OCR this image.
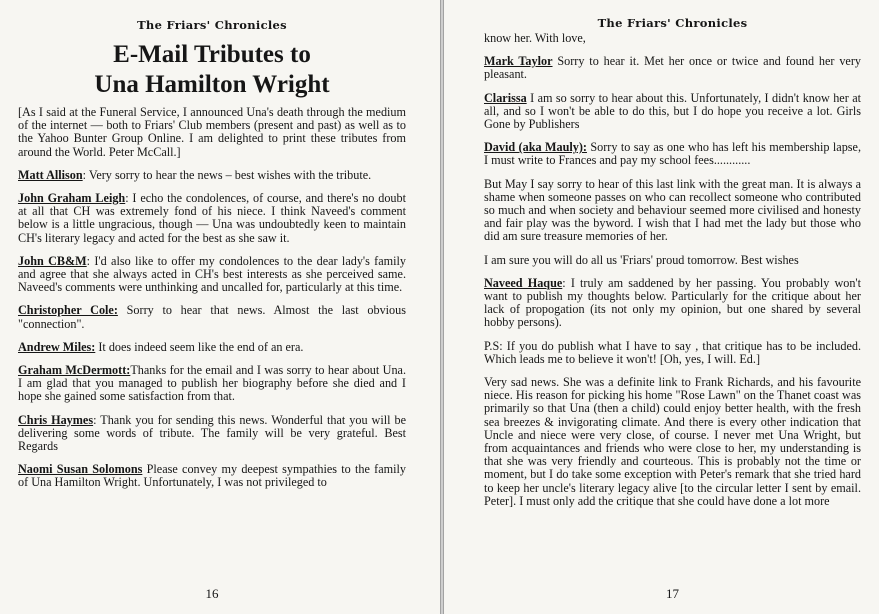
The Friars' Chronicles
E-Mail Tributes to
Una Hamilton Wright

[As I said at the Funeral Service, I announced Una's death through the medium of the internet — both to Friars' Club members (present and past) as well as to the Yahoo Bunter Group Online. I am delighted to print these tributes from around the World. Peter McCall.]

Matt Allison: Very sorry to hear the news – best wishes with the tribute.

John Graham Leigh: I echo the condolences, of course, and there's no doubt at all that CH was extremely fond of his niece. I think Naveed's comment below is a little ungracious, though — Una was undoubtedly keen to maintain CH's literary legacy and acted for the best as she saw it.

John CB&M: I'd also like to offer my condolences to the dear lady's family and agree that she always acted in CH's best interests as she perceived same. Naveed's comments were unthinking and uncalled for, particularly at this time.

Christopher Cole: Sorry to hear that news. Almost the last obvious "connection".

Andrew Miles: It does indeed seem like the end of an era.

Graham McDermott:Thanks for the email and I was sorry to hear about Una. I am glad that you managed to publish her biography before she died and I hope she gained some satisfaction from that.

Chris Haymes: Thank you for sending this news. Wonderful that you will be delivering some words of tribute. The family will be very grateful. Best Regards

Naomi Susan Solomons Please convey my deepest sympathies to the family of Una Hamilton Wright. Unfortunately, I was not privileged to

16
The Friars' Chronicles

know her. With love,

Mark Taylor Sorry to hear it. Met her once or twice and found her very pleasant.

Clarissa I am so sorry to hear about this. Unfortunately, I didn't know her at all, and so I won't be able to do this, but I do hope you receive a lot. Girls Gone by Publishers

David (aka Mauly): Sorry to say as one who has left his membership lapse, I must write to Frances and pay my school fees............

But May I say sorry to hear of this last link with the great man. It is always a shame when someone passes on who can recollect someone who contributed so much and when society and behaviour seemed more civilised and honesty and fair play was the byword. I wish that I had met the lady but those who did am sure treasure memories of her.

I am sure you will do all us 'Friars' proud tomorrow. Best wishes

Naveed Haque: I truly am saddened by her passing. You probably won't want to publish my thoughts below. Particularly for the critique about her lack of propogation (its not only my opinion, but one shared by several hobby persons).

P.S: If you do publish what I have to say , that critique has to be included. Which leads me to believe it won't! [Oh, yes, I will. Ed.]

Very sad news. She was a definite link to Frank Richards, and his favourite niece. His reason for picking his home "Rose Lawn" on the Thanet coast was primarily so that Una (then a child) could enjoy better health, with the fresh sea breezes & invigorating climate. And there is every other indication that Uncle and niece were very close, of course. I never met Una Wright, but from acquaintances and friends who were close to her, my understanding is that she was very friendly and courteous. This is probably not the time or moment, but I do take some exception with Peter's remark that she tried hard to keep her uncle's literary legacy alive [to the circular letter I sent by email. Peter]. I must only add the critique that she could have done a lot more

17
